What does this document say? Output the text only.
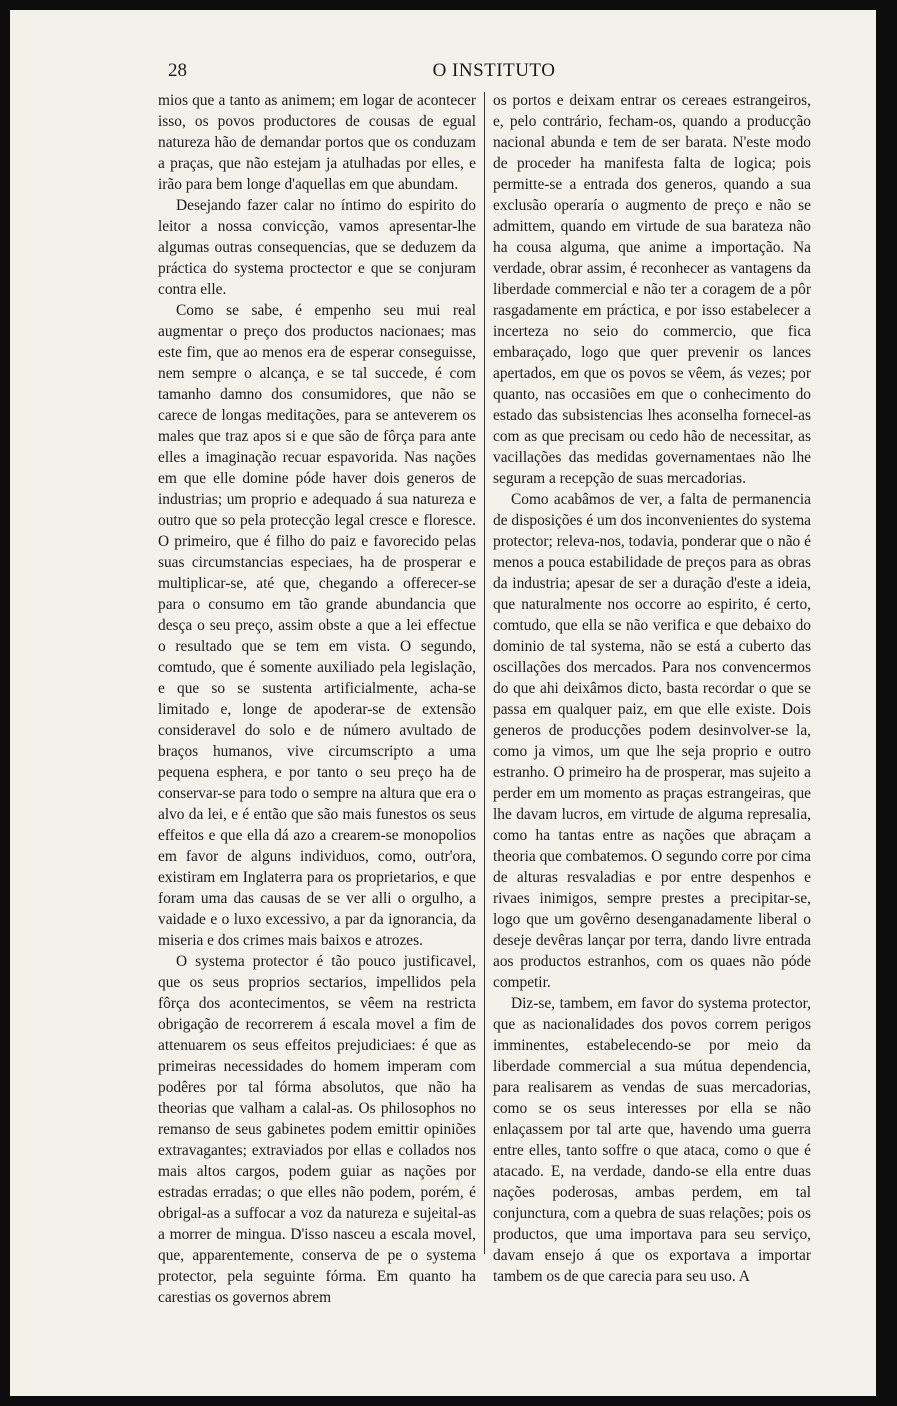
28	O INSTITUTO

mios que a tanto as animem; em logar de acontecer isso, os povos productores de cousas de egual natureza hão de demandar portos que os conduzam a praças, que não estejam ja atulhadas por elles, e irão para bem longe d'aquellas em que abundam.

Desejando fazer calar no íntimo do espirito do leitor a nossa convicção, vamos apresentar-lhe algumas outras consequencias, que se deduzem da práctica do systema proctector e que se conjuram contra elle.

Como se sabe, é empenho seu mui real augmentar o preço dos productos nacionaes; mas este fim, que ao menos era de esperar conseguisse, nem sempre o alcança, e se tal succede, é com tamanho damno dos consumidores, que não se carece de longas meditações, para se anteverem os males que traz apos si e que são de fôrça para ante elles a imaginação recuar espavorida. Nas nações em que elle domine póde haver dois generos de industrias; um proprio e adequado á sua natureza e outro que so pela protecção legal cresce e floresce. O primeiro, que é filho do paiz e favorecido pelas suas circumstancias especiaes, ha de prosperar e multiplicar-se, até que, chegando a offerecer-se para o consumo em tão grande abundancia que desça o seu preço, assim obste a que a lei effectue o resultado que se tem em vista. O segundo, comtudo, que é somente auxiliado pela legislação, e que so se sustenta artificialmente, acha-se limitado e, longe de apoderar-se de extensão consideravel do solo e de número avultado de braços humanos, vive circumscripto a uma pequena esphera, e por tanto o seu preço ha de conservar-se para todo o sempre na altura que era o alvo da lei, e é então que são mais funestos os seus effeitos e que ella dá azo a crearem-se monopolios em favor de alguns individuos, como, outr'ora, existiram em Inglaterra para os proprietarios, e que foram uma das causas de se ver alli o orgulho, a vaidade e o luxo excessivo, a par da ignorancia, da miseria e dos crimes mais baixos e atrozes.

O systema protector é tão pouco justificavel, que os seus proprios sectarios, impellidos pela fôrça dos acontecimentos, se vêem na restricta obrigação de recorrerem á escala movel a fim de attenuarem os seus effeitos prejudiciaes: é que as primeiras necessidades do homem imperam com podêres por tal fórma absolutos, que não ha theorias que valham a calal-as. Os philosophos no remanso de seus gabinetes podem emittir opiniões extravagantes; extraviados por ellas e collados nos mais altos cargos, podem guiar as nações por estradas erradas; o que elles não podem, porém, é obrigal-as a suffocar a voz da natureza e sujeital-as a morrer de mingua. D'isso nasceu a escala movel, que, apparentemente, conserva de pe o systema protector, pela seguinte fórma. Em quanto ha carestias os governos abrem

os portos e deixam entrar os cereaes estrangeiros, e, pelo contrário, fecham-os, quando a producção nacional abunda e tem de ser barata. N'este modo de proceder ha manifesta falta de logica; pois permitte-se a entrada dos generos, quando a sua exclusão operaría o augmento de preço e não se admittem, quando em virtude de sua barateza não ha cousa alguma, que anime a importação. Na verdade, obrar assim, é reconhecer as vantagens da liberdade commercial e não ter a coragem de a pôr rasgadamente em práctica, e por isso estabelecer a incerteza no seio do commercio, que fica embaraçado, logo que quer prevenir os lances apertados, em que os povos se vêem, ás vezes; por quanto, nas occasiões em que o conhecimento do estado das subsistencias lhes aconselha fornecel-as com as que precisam ou cedo hão de necessitar, as vacillações das medidas governamentaes não lhe seguram a recepção de suas mercadorias.

Como acabâmos de ver, a falta de permanencia de disposições é um dos inconvenientes do systema protector; releva-nos, todavia, ponderar que o não é menos a pouca estabilidade de preços para as obras da industria; apesar de ser a duração d'este a ideia, que naturalmente nos occorre ao espirito, é certo, comtudo, que ella se não verifica e que debaixo do dominio de tal systema, não se está a cuberto das oscillações dos mercados. Para nos convencermos do que ahi deixâmos dicto, basta recordar o que se passa em qualquer paiz, em que elle existe. Dois generos de producções podem desinvolver-se la, como ja vimos, um que lhe seja proprio e outro estranho. O primeiro ha de prosperar, mas sujeito a perder em um momento as praças estrangeiras, que lhe davam lucros, em virtude de alguma represalia, como ha tantas entre as nações que abraçam a theoria que combatemos. O segundo corre por cima de alturas resvaladias e por entre despenhos e rivaes inimigos, sempre prestes a precipitar-se, logo que um govêrno desenganadamente liberal o deseje devêras lançar por terra, dando livre entrada aos productos estranhos, com os quaes não póde competir.

Diz-se, tambem, em favor do systema protector, que as nacionalidades dos povos correm perigos imminentes, estabelecendo-se por meio da liberdade commercial a sua mútua dependencia, para realisarem as vendas de suas mercadorias, como se os seus interesses por ella se não enlaçassem por tal arte que, havendo uma guerra entre elles, tanto soffre o que ataca, como o que é atacado. E, na verdade, dando-se ella entre duas nações poderosas, ambas perdem, em tal conjunctura, com a quebra de suas relações; pois os productos, que uma importava para seu serviço, davam ensejo á que os exportava a importar tambem os de que carecia para seu uso. A
